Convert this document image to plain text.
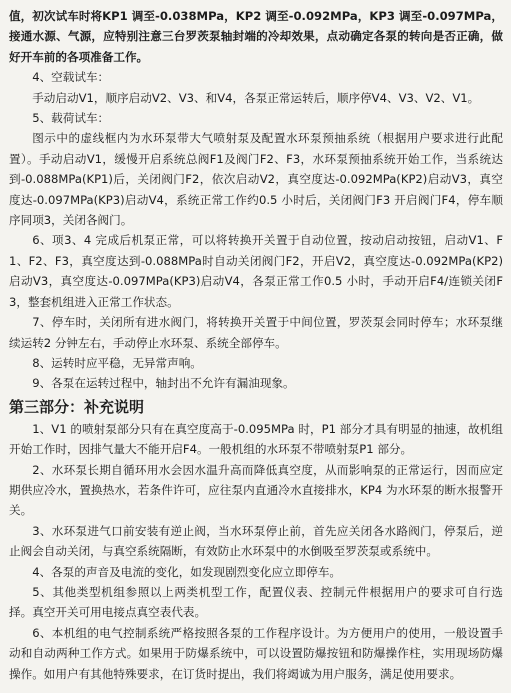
值，初次试车时将KP1 调至-0.038MPa，KP2 调至-0.092MPa，KP3 调至-0.097MPa，接通水源、气源，应特别注意三台罗茨泵轴封端的冷却效果，点动确定各泵的转向是否正确，做好开车前的各项准备工作。

4、空载试车：

手动启动V1，顺序启动V2、V3、和V4，各泵正常运转后，顺序停V4、V3、V2、V1。

5、载荷试车：

图示中的虚线框内为水环泵带大气喷射泵及配置水环泵预抽系统（根据用户要求进行此配置）。手动启动V1，缓慢开启系统总阀F1及阀门F2、F3，水环泵预抽系统开始工作，当系统达到-0.088MPa(KP1)后，关闭阀门F2，依次启动V2，真空度达-0.092MPa(KP2)启动V3，真空度达-0.097MPa(KP3)启动V4，系统正常工作约0.5 小时后，关闭阀门F3 开启阀门F4，停车顺序同项3，关闭各阀门。

6、项3、4 完成后机泵正常，可以将转换开关置于自动位置，按动启动按钮，启动V1、F1、F2、F3，真空度达到-0.088MPa时自动关闭阀门F2，开启V2，真空度达-0.092MPa(KP2)启动V3，真空度达-0.097MPa(KP3)启动V4，各泵正常工作0.5 小时，手动开启F4/连锁关闭F3，整套机组进入正常工作状态。

7、停车时，关闭所有进水阀门，将转换开关置于中间位置，罗茨泵会同时停车；水环泵继续运转2 分钟左右，手动停止水环泵、系统全部停车。

8、运转时应平稳，无异常声响。

9、各泵在运转过程中，轴封出不允许有漏油现象。

第三部分：补充说明

1、V1 的喷射泵部分只有在真空度高于-0.095MPa 时，P1 部分才具有明显的抽速，故机组开始工作时，因排气量大不能开启F4。一般机组的水环泵不带喷射泵P1 部分。

2、水环泵长期自循环用水会因水温升高而降低真空度，从而影响泵的正常运行，因而应定期供应冷水，置换热水，若条件许可，应往泵内直通冷水直接排水，KP4 为水环泵的断水报警开关。

3、水环泵进气口前安装有逆止阀，当水环泵停止前，首先应关闭各水路阀门，停泵后，逆止阀会自动关闭，与真空系统隔断，有效防止水环泵中的水倒吸至罗茨泵或系统中。

4、各泵的声音及电流的变化，如发现剧烈变化应立即停车。

5、其他类型机组参照以上两类机型工作，配置仪表、控制元件根据用户的要求可自行选择。真空开关可用电接点真空表代表。

6、本机组的电气控制系统严格按照各泵的工作程序设计。为方便用户的使用，一般设置手动和自动两种工作方式。如果用于防爆系统中，可以设置防爆按钮和防爆操作柱，实用现场防爆操作。如用户有其他特殊要求，在订货时提出，我们将竭诚为用户服务，满足使用要求。
